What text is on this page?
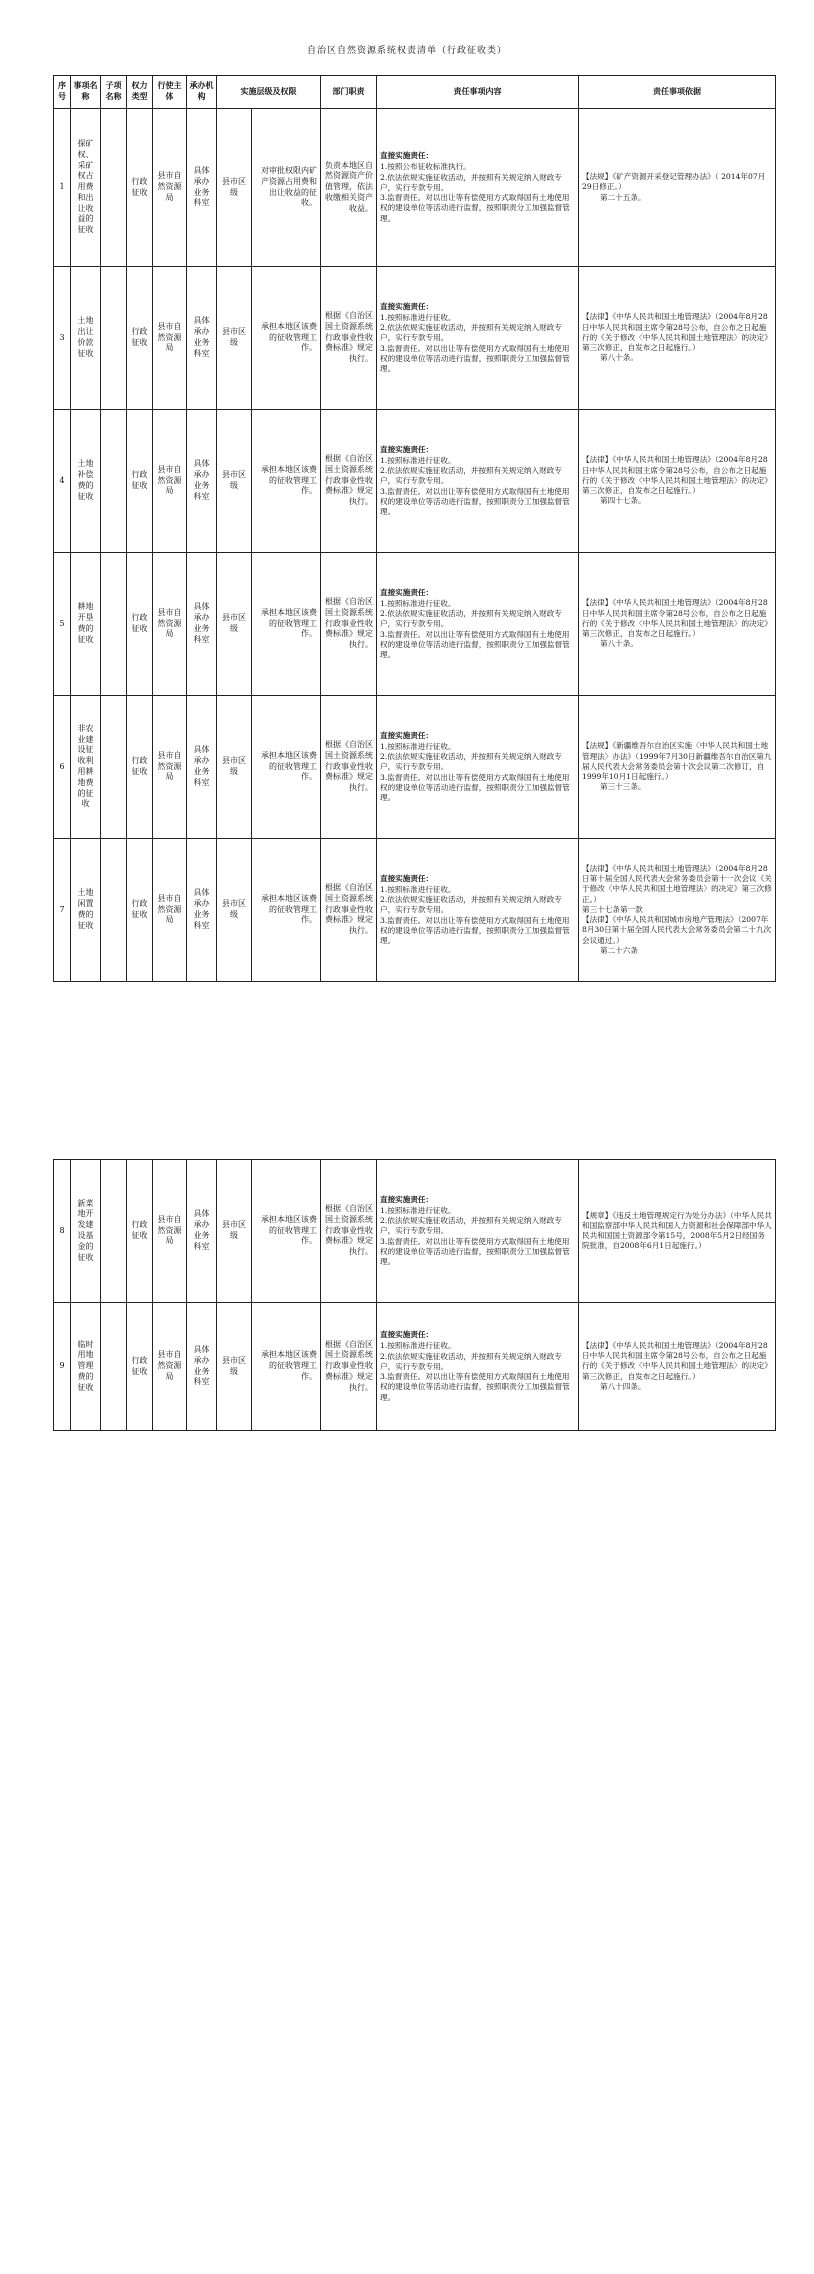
自治区自然资源系统权责清单（行政征收类）
序号	事项名称	子项名称	权力类型	行使主体	承办机构	实施层级及权限		部门职责	责任事项内容	责任事项依据
1	探矿权、采矿权占用费和出让收益的征收		行政征收	县市自然资源局	具体承办业务科室	县市区级	对审批权限内矿产资源占用费和出让收益的征收。	负责本地区自然资源资产价值管理，依法收缴相关资产收益。	直接实施责任：
1.按照公布征收标准执行。
2.依法依规实施征收活动，并按照有关规定纳入财政专户，实行专款专用。
3.监督责任。对以出让等有偿使用方式取得国有土地使用权的建设单位等活动进行监督，按照职责分工加强监督管理。	【法规】《矿产资源开采登记管理办法》（ 2014年07月29日修正。）
第二十五条。

3	土地出让价款征收		行政征收	县市自然资源局	具体承办业务科室	县市区级	承担本地区该费的征收管理工作。	根据《自治区国土资源系统行政事业性收费标准》规定执行。	直接实施责任：
1.按照标准进行征收。
2.依法依规实施征收活动，并按照有关规定纳入财政专户，实行专款专用。
3.监督责任。对以出让等有偿使用方式取得国有土地使用权的建设单位等活动进行监督，按照职责分工加强监督管理。	【法律】《中华人民共和国土地管理法》（2004年8月28日中华人民共和国主席令第28号公布，自公布之日起施行的《关于修改〈中华人民共和国土地管理法〉的决定》第三次修正，自发布之日起施行。）
第八十条。

4	土地补偿费的征收		行政征收	县市自然资源局	具体承办业务科室	县市区级	承担本地区该费的征收管理工作。	根据《自治区国土资源系统行政事业性收费标准》规定执行。	直接实施责任：
1.按照标准进行征收。
2.依法依规实施征收活动，并按照有关规定纳入财政专户，实行专款专用。
3.监督责任。对以出让等有偿使用方式取得国有土地使用权的建设单位等活动进行监督，按照职责分工加强监督管理。	【法律】《中华人民共和国土地管理法》（2004年8月28日中华人民共和国主席令第28号公布，自公布之日起施行的《关于修改〈中华人民共和国土地管理法〉的决定》第三次修正，自发布之日起施行。）
第四十七条。

5	耕地开垦费的征收		行政征收	县市自然资源局	具体承办业务科室	县市区级	承担本地区该费的征收管理工作。	根据《自治区国土资源系统行政事业性收费标准》规定执行。	直接实施责任：
1.按照标准进行征收。
2.依法依规实施征收活动，并按照有关规定纳入财政专户，实行专款专用。
3.监督责任。对以出让等有偿使用方式取得国有土地使用权的建设单位等活动进行监督，按照职责分工加强监督管理。	【法律】《中华人民共和国土地管理法》（2004年8月28日中华人民共和国主席令第28号公布，自公布之日起施行的《关于修改〈中华人民共和国土地管理法〉的决定》第三次修正，自发布之日起施行。）
第八十条。

6	非农业建设征收利用耕地费的征收		行政征收	县市自然资源局	具体承办业务科室	县市区级	承担本地区该费的征收管理工作。	根据《自治区国土资源系统行政事业性收费标准》规定执行。	直接实施责任：
1.按照标准进行征收。
2.依法依规实施征收活动，并按照有关规定纳入财政专户，实行专款专用。
3.监督责任。对以出让等有偿使用方式取得国有土地使用权的建设单位等活动进行监督，按照职责分工加强监督管理。	【法规】《新疆维吾尔自治区实施〈中华人民共和国土地管理法〉办法》（1999年7月30日新疆维吾尔自治区第九届人民代表大会常务委员会第十次会议第二次修订，自1999年10月1日起施行。）
第三十三条。

7	土地闲置费的征收		行政征收	县市自然资源局	具体承办业务科室	县市区级	承担本地区该费的征收管理工作。	根据《自治区国土资源系统行政事业性收费标准》规定执行。	直接实施责任：
1.按照标准进行征收。
2.依法依规实施征收活动，并按照有关规定纳入财政专户，实行专款专用。
3.监督责任。对以出让等有偿使用方式取得国有土地使用权的建设单位等活动进行监督，按照职责分工加强监督管理。	【法律】《中华人民共和国土地管理法》（2004年8月28日第十届全国人民代表大会常务委员会第十一次会议《关于修改〈中华人民共和国土地管理法〉的决定》第三次修正。）
第三十七条第一款
【法律】《中华人民共和国城市房地产管理法》（2007年8月30日第十届全国人民代表大会常务委员会第二十九次会议通过。）
第二十六条
8	新菜地开发建设基金的征收		行政征收	县市自然资源局	具体承办业务科室	县市区级	承担本地区该费的征收管理工作。	根据《自治区国土资源系统行政事业性收费标准》规定执行。	直接实施责任：
1.按照标准进行征收。
2.依法依规实施征收活动，并按照有关规定纳入财政专户，实行专款专用。
3.监督责任。对以出让等有偿使用方式取得国有土地使用权的建设单位等活动进行监督，按照职责分工加强监督管理。	【规章】《违反土地管理规定行为处分办法》（中华人民共和国监察部中华人民共和国人力资源和社会保障部中华人民共和国国土资源部令第15号，2008年5月2日经国务院批准，自2008年6月1日起施行。）

9	临时用地管理费的征收		行政征收	县市自然资源局	具体承办业务科室	县市区级	承担本地区该费的征收管理工作。	根据《自治区国土资源系统行政事业性收费标准》规定执行。	直接实施责任：
1.按照标准进行征收。
2.依法依规实施征收活动，并按照有关规定纳入财政专户，实行专款专用。
3.监督责任。对以出让等有偿使用方式取得国有土地使用权的建设单位等活动进行监督，按照职责分工加强监督管理。	【法律】《中华人民共和国土地管理法》（2004年8月28日中华人民共和国主席令第28号公布，自公布之日起施行的《关于修改〈中华人民共和国土地管理法〉的决定》第三次修正，自发布之日起施行。）
第八十四条。
